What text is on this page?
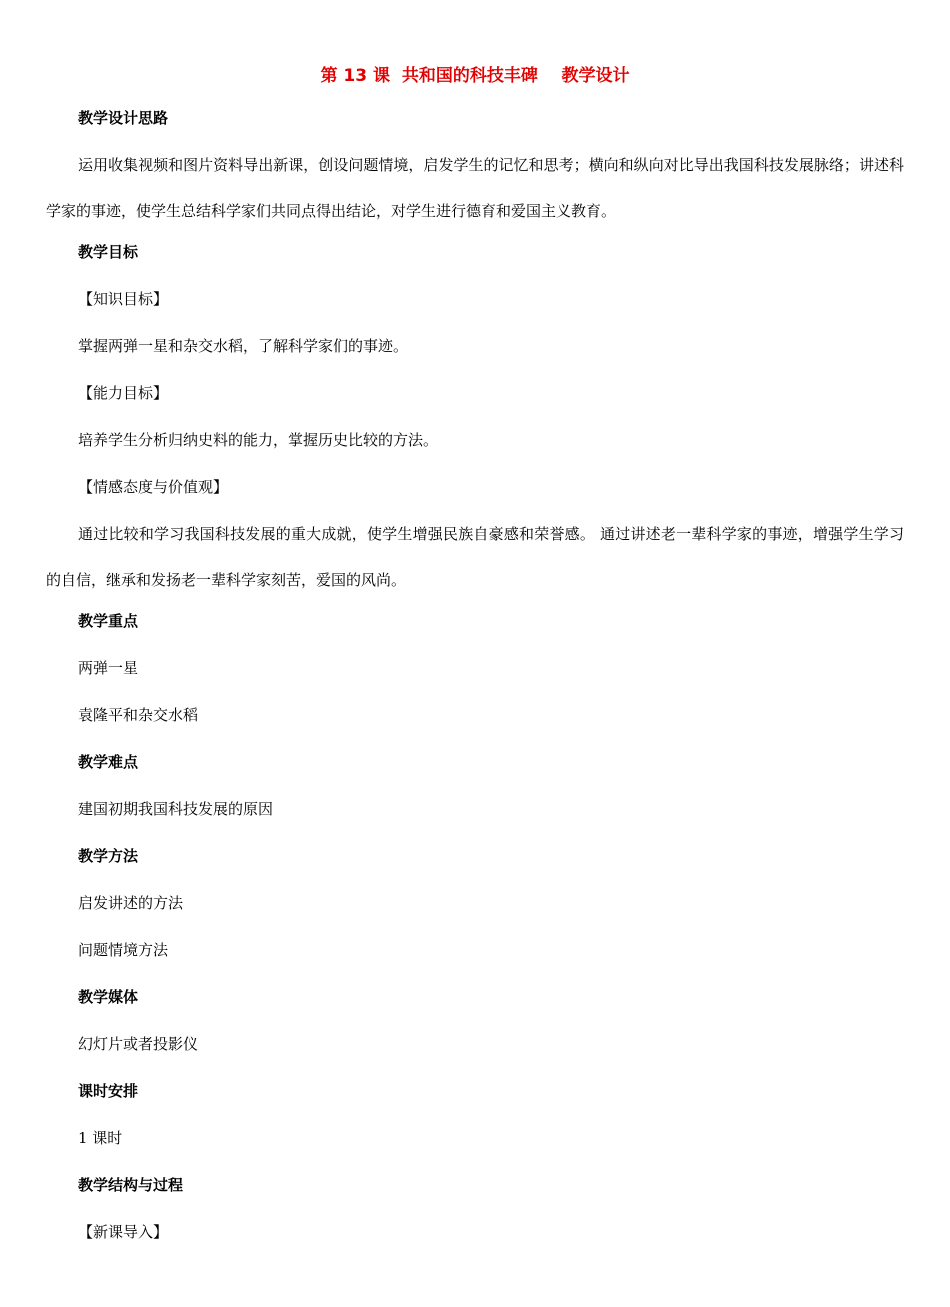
第 13 课  共和国的科技丰碑    教学设计
教学设计思路
运用收集视频和图片资料导出新课，创设问题情境，启发学生的记忆和思考；横向和纵向对比导出我国科技发展脉络；讲述科学家的事迹，使学生总结科学家们共同点得出结论，对学生进行德育和爱国主义教育。
教学目标
【知识目标】
掌握两弹一星和杂交水稻，了解科学家们的事迹。
【能力目标】
培养学生分析归纳史料的能力，掌握历史比较的方法。
【情感态度与价值观】
通过比较和学习我国科技发展的重大成就，使学生增强民族自豪感和荣誉感。 通过讲述老一辈科学家的事迹，增强学生学习的自信，继承和发扬老一辈科学家刻苦，爱国的风尚。
教学重点
两弹一星
袁隆平和杂交水稻
教学难点
建国初期我国科技发展的原因
教学方法
启发讲述的方法
问题情境方法
教学媒体
幻灯片或者投影仪
课时安排
1 课时
教学结构与过程
【新课导入】
